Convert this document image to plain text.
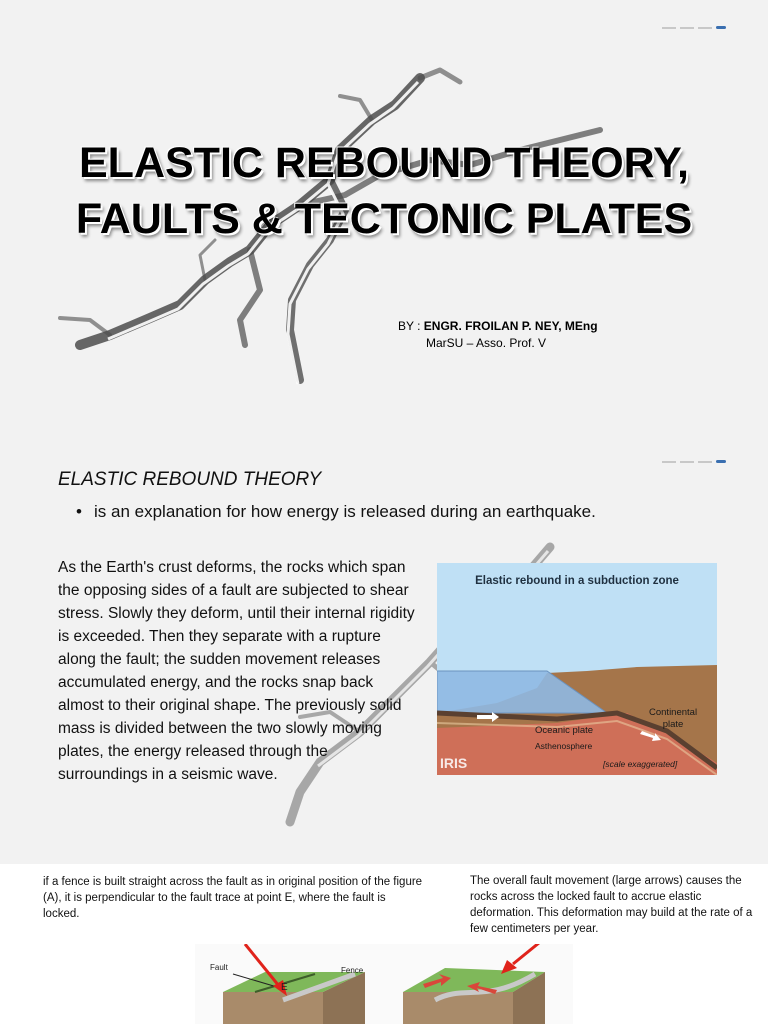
ELASTIC REBOUND THEORY,
FAULTS & TECTONIC PLATES
BY : ENGR. FROILAN P. NEY, MEng
MarSU – Asso. Prof. V
ELASTIC REBOUND THEORY
• is an explanation for how energy is released during an earthquake.

As the Earth's crust deforms, the rocks which span the opposing sides of a fault are subjected to shear stress. Slowly they deform, until their internal rigidity is exceeded. Then they separate with a rupture along the fault; the sudden movement releases accumulated energy, and the rocks snap back almost to their original shape. The previously solid mass is divided between the two slowly moving plates, the energy released through the surroundings in a seismic wave.

Elastic rebound in a subduction zone
Continental
plate
Oceanic plate
Asthenosphere
[scale exaggerated]
IRIS
if a fence is built straight across the fault as in original position of the figure (A), it is perpendicular to the fault trace at point E, where the fault is locked.
The overall fault movement (large arrows) causes the rocks across the locked fault to accrue elastic deformation. This deformation may build at the rate of a few centimeters per year.
Fault	Fence
E
